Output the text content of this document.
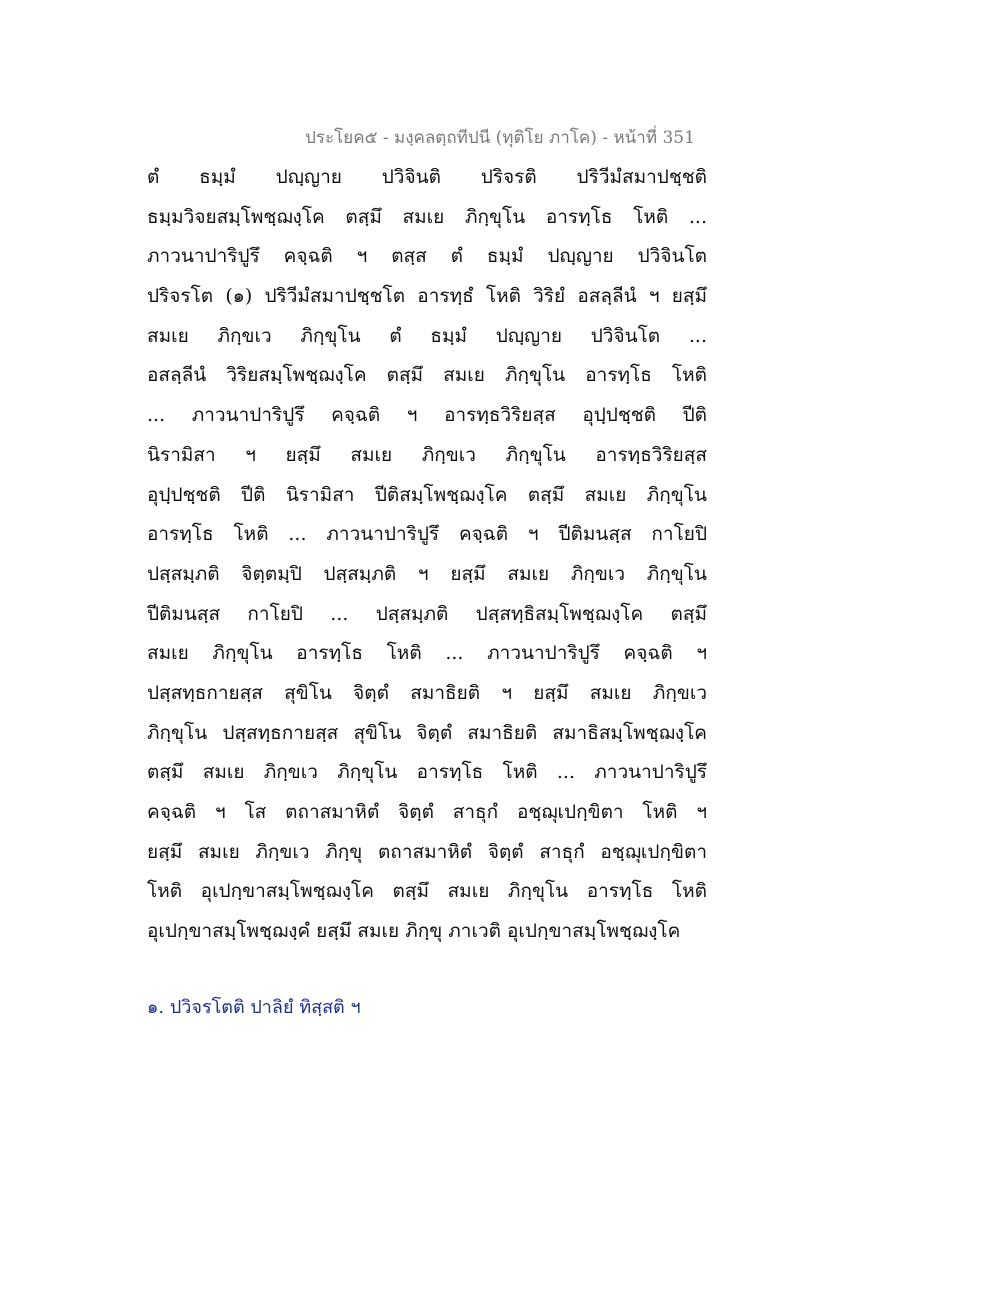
ประโยค๕ - มงฺคลตฺถทีปนี (ทุติโย ภาโค) - หน้าที่ 351
ตํ ธมฺมํ ปญฺญาย ปวิจินติ ปริจรติ ปริวีมํสมาปชฺชติ
ธมฺมวิจยสมฺโพชฺฌงฺโค ตสฺมึ สมเย ภิกฺขุโน อารทฺโธ โหติ ...
ภาวนาปาริปูรึ คจฺฉติ ฯ ตสฺส ตํ ธมฺมํ ปญฺญาย ปวิจินโต
ปริจรโต (๑) ปริวีมํสมาปชฺชโต อารทฺธํ โหติ วิริยํ อสลฺลีนํ ฯ ยสฺมึ
สมเย ภิกฺขเว ภิกฺขุโน ตํ ธมฺมํ ปญฺญาย ปวิจินโต ...
อสลฺลีนํ วิริยสมฺโพชฺฌงฺโค ตสฺมึ สมเย ภิกฺขุโน อารทฺโธ โหติ
... ภาวนาปาริปูรึ คจฺฉติ ฯ อารทฺธวิริยสฺส อุปฺปชฺชติ ปีติ
นิรามิสา ฯ ยสฺมึ สมเย ภิกฺขเว ภิกฺขุโน อารทฺธวิริยสฺส
อุปฺปชฺชติ ปีติ นิรามิสา ปีติสมฺโพชฺฌงฺโค ตสฺมึ สมเย ภิกฺขุโน
อารทฺโธ โหติ ... ภาวนาปาริปูรึ คจฺฉติ ฯ ปีติมนสฺส กาโยปิ
ปสฺสมฺภติ จิตฺตมฺปิ ปสฺสมฺภติ ฯ ยสฺมึ สมเย ภิกฺขเว ภิกฺขุโน
ปีติมนสฺส กาโยปิ ... ปสฺสมฺภติ ปสฺสทฺธิสมฺโพชฺฌงฺโค ตสฺมึ
สมเย ภิกฺขุโน อารทฺโธ โหติ ... ภาวนาปาริปูรึ คจฺฉติ ฯ
ปสฺสทฺธกายสฺส สุขิโน จิตฺตํ สมาธิยติ ฯ ยสฺมึ สมเย ภิกฺขเว
ภิกฺขุโน ปสฺสทฺธกายสฺส สุขิโน จิตฺตํ สมาธิยติ สมาธิสมฺโพชฺฌงฺโค
ตสฺมึ สมเย ภิกฺขเว ภิกฺขุโน อารทฺโธ โหติ ... ภาวนาปาริปูรึ
คจฺฉติ ฯ โส ตถาสมาหิตํ จิตฺตํ สาธุกํ อชฺฌุเปกฺขิตา โหติ ฯ
ยสฺมึ สมเย ภิกฺขเว ภิกฺขุ ตถาสมาหิตํ จิตฺตํ สาธุกํ อชฺฌุเปกฺขิตา
โหติ อุเปกฺขาสมฺโพชฺฌงฺโค ตสฺมึ สมเย ภิกฺขุโน อารทฺโธ โหติ
อุเปกฺขาสมฺโพชฺฌงฺคํ ยสฺมึ สมเย ภิกฺขุ ภาเวติ อุเปกฺขาสมฺโพชฺฌงฺโค
๑. ปวิจรโตติ ปาลิยํ ทิสฺสติ ฯ
